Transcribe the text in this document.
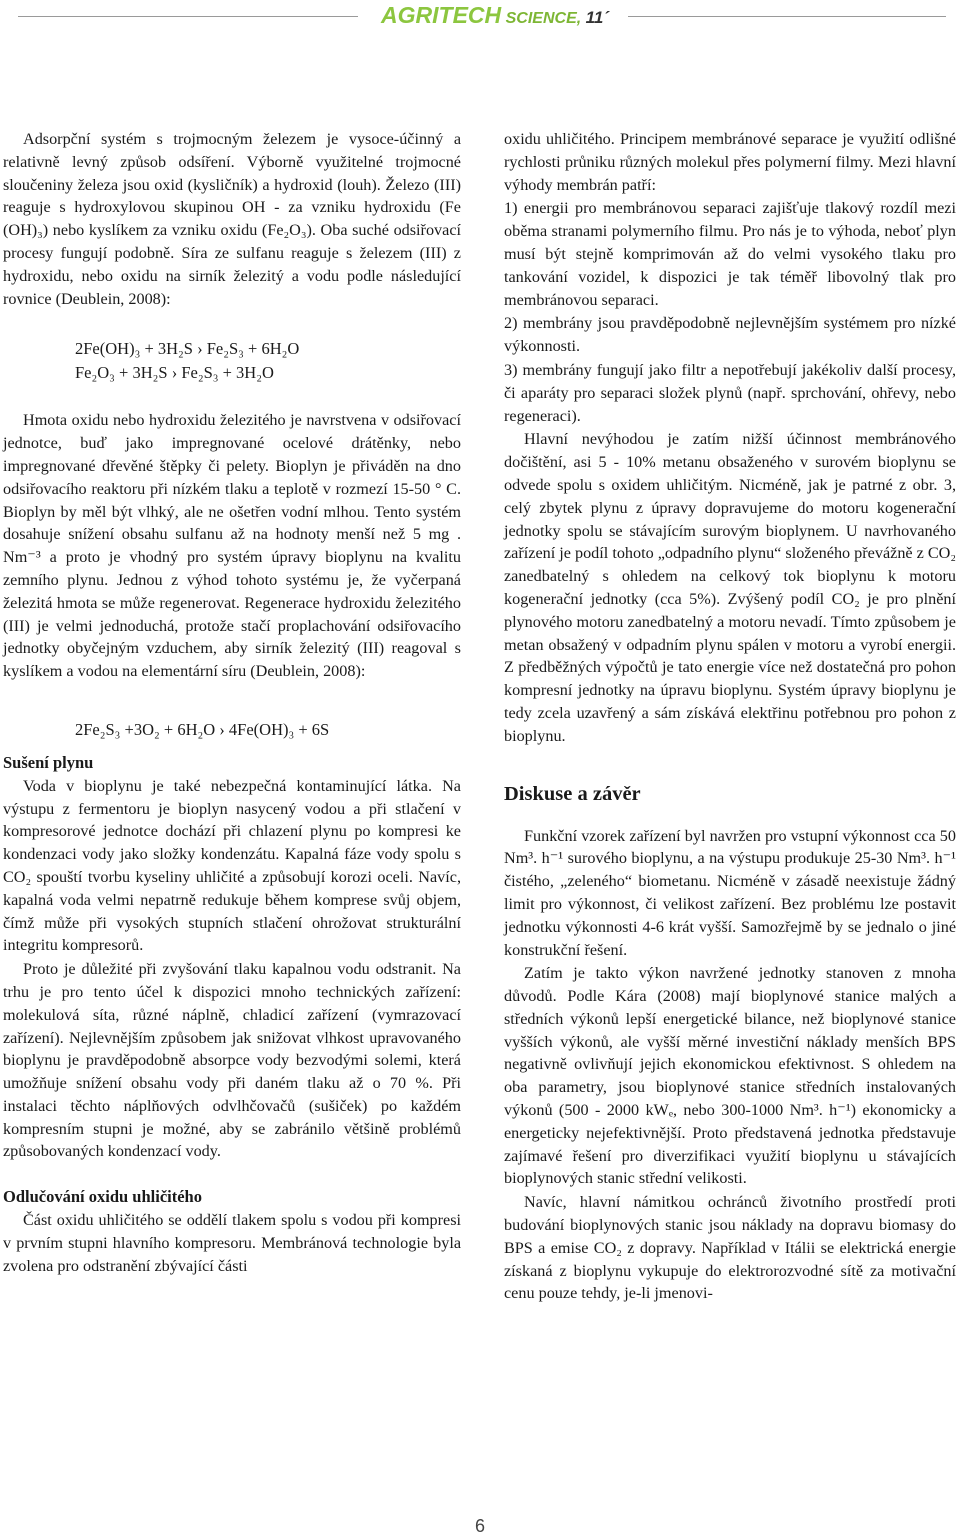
AGRITECH SCIENCE, 11´

Adsorpční systém s trojmocným železem je vysoce-účinný a relativně levný způsob odsíření. Výborně využitelné trojmocné sloučeniny železa jsou oxid (kysličník) a hydroxid (louh). Železo (III) reaguje s hydroxylovou skupinou OH - za vzniku hydroxidu (Fe (OH)₃) nebo kyslíkem za vzniku oxidu (Fe₂O₃). Oba suché odsiřovací procesy fungují podobně. Síra ze sulfanu reaguje s železem (III) z hydroxidu, nebo oxidu na sirník železitý a vodu podle následující rovnice (Deublein, 2008):

2Fe(OH)₃ + 3H₂S › Fe₂S₃ + 6H₂O
Fe₂O₃ + 3H₂S › Fe₂S₃ + 3H₂O

Hmota oxidu nebo hydroxidu železitého je navrstvena v odsiřovací jednotce, buď jako impregnované ocelové drátěnky, nebo impregnované dřevěné štěpky či pelety. Bioplyn je přiváděn na dno odsiřovacího reaktoru při nízkém tlaku a teplotě v rozmezí 15-50 ° C. Bioplyn by měl být vlhký, ale ne ošetřen vodní mlhou. Tento systém dosahuje snížení obsahu sulfanu až na hodnoty menší než 5 mg . Nm⁻³ a proto je vhodný pro systém úpravy bioplynu na kvalitu zemního plynu. Jednou z výhod tohoto systému je, že vyčerpaná železitá hmota se může regenerovat. Regenerace hydroxidu železitého (III) je velmi jednoduchá, protože stačí proplachování odsiřovacího jednotky obyčejným vzduchem, aby sirník železitý (III) reagoval s kyslíkem a vodou na elementární síru (Deublein, 2008):

2Fe₂S₃ +3O₂ + 6H₂O › 4Fe(OH)₃ + 6S
Sušení plynu

Voda v bioplynu je také nebezpečná kontaminující látka. Na výstupu z fermentoru je bioplyn nasycený vodou a při stlačení v kompresorové jednotce dochází při chlazení plynu po kompresi ke kondenzaci vody jako složky kondenzátu. Kapalná fáze vody spolu s CO₂ spouští tvorbu kyseliny uhličité a způsobují korozi oceli. Navíc, kapalná voda velmi nepatrně redukuje během komprese svůj objem, čímž může při vysokých stupních stlačení ohrožovat strukturální integritu kompresorů.

Proto je důležité při zvyšování tlaku kapalnou vodu odstranit. Na trhu je pro tento účel k dispozici mnoho technických zařízení: molekulová síta, různé náplně, chladicí zařízení (vymrazovací zařízení). Nejlevnějším způsobem jak snižovat vlhkost upravovaného bioplynu je pravděpodobně absorpce vody bezvodými solemi, která umožňuje snížení obsahu vody při daném tlaku až o 70 %. Při instalaci těchto náplňových odvlhčovačů (sušiček) po každém kompresním stupni je možné, aby se zabránilo většině problémů způsobovaných kondenzací vody.

Odlučování oxidu uhličitého

Část oxidu uhličitého se oddělí tlakem spolu s vodou při kompresi v prvním stupni hlavního kompresoru. Membránová technologie byla zvolena pro odstranění zbývající části

oxidu uhličitého. Principem membránové separace je využití odlišné rychlosti průniku různých molekul přes polymerní filmy. Mezi hlavní výhody membrán patří:

1) energii pro membránovou separaci zajišťuje tlakový rozdíl mezi oběma stranami polymerního filmu. Pro nás je to výhoda, neboť plyn musí být stejně komprimován až do velmi vysokého tlaku pro tankování vozidel, k dispozici je tak téměř libovolný tlak pro membránovou separaci.

2) membrány jsou pravděpodobně nejlevnějším systémem pro nízké výkonnosti.

3) membrány fungují jako filtr a nepotřebují jakékoliv další procesy, či aparáty pro separaci složek plynů (např. sprchování, ohřevy, nebo regeneraci).

Hlavní nevýhodou je zatím nižší účinnost membránového dočištění, asi 5 - 10% metanu obsaženého v surovém bioplynu se odvede spolu s oxidem uhličitým. Nicméně, jak je patrné z obr. 3, celý zbytek plynu z úpravy dopravujeme do motoru kogenerační jednotky spolu se stávajícím surovým bioplynem. U navrhovaného zařízení je podíl tohoto „odpadního plynu“ složeného převážně z CO₂ zanedbatelný s ohledem na celkový tok bioplynu k motoru kogenerační jednotky (cca 5%). Zvýšený podíl CO₂ je pro plnění plynového motoru zanedbatelný a motoru nevadí. Tímto způsobem je metan obsažený v odpadním plynu spálen v motoru a vyrobí energii. Z předběžných výpočtů je tato energie více než dostatečná pro pohon kompresní jednotky na úpravu bioplynu. Systém úpravy bioplynu je tedy zcela uzavřený a sám získává elektřinu potřebnou pro pohon z bioplynu.

Diskuse a závěr

Funkční vzorek zařízení byl navržen pro vstupní výkonnost cca 50 Nm³. h⁻¹ surového bioplynu, a na výstupu produkuje 25-30 Nm³. h⁻¹ čistého, „zeleného“ biometanu. Nicméně v zásadě neexistuje žádný limit pro výkonnost, či velikost zařízení. Bez problému lze postavit jednotku výkonnosti 4-6 krát vyšší. Samozřejmě by se jednalo o jiné konstrukční řešení.

Zatím je takto výkon navržené jednotky stanoven z mnoha důvodů. Podle Kára (2008) mají bioplynové stanice malých a středních výkonů lepší energetické bilance, než bioplynové stanice vyšších výkonů, ale vyšší měrné investiční náklady menších BPS negativně ovlivňují jejich ekonomickou efektivnost. S ohledem na oba parametry, jsou bioplynové stanice středních instalovaných výkonů (500 - 2000 kWₑ, nebo 300-1000 Nm³. h⁻¹) ekonomicky a energeticky nejefektivnější. Proto představená jednotka představuje zajímavé řešení pro diverzifikaci využití bioplynu u stávajících bioplynových stanic střední velikosti.

Navíc, hlavní námitkou ochránců životního prostředí proti budování bioplynových stanic jsou náklady na dopravu biomasy do BPS a emise CO₂ z dopravy. Například v Itálii se elektrická energie získaná z bioplynu vykupuje do elektrorozvodné sítě za motivační cenu pouze tehdy, je-li jmenovi-

6
